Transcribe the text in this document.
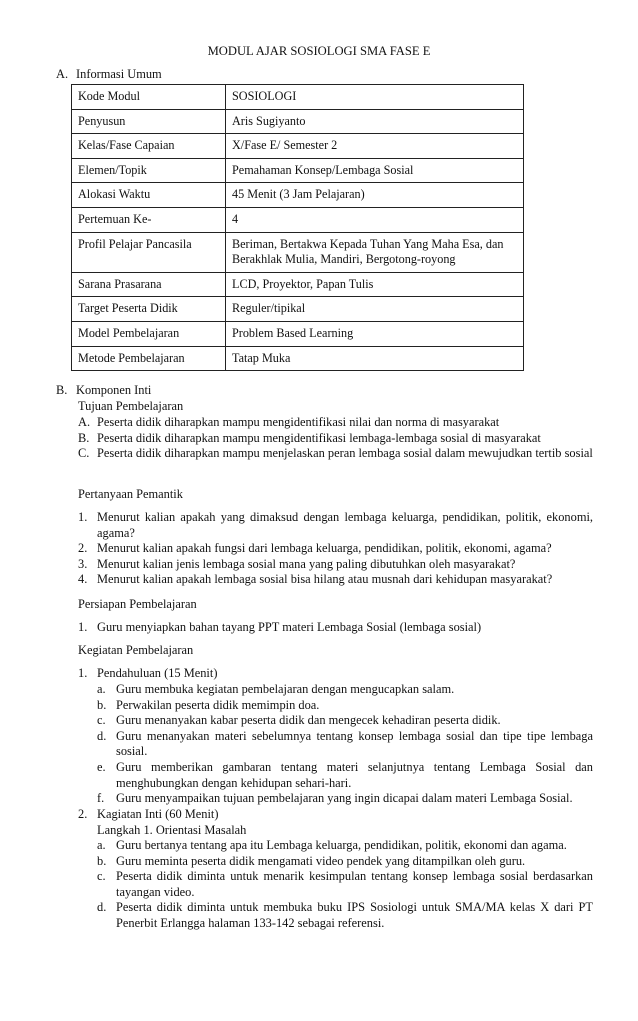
MODUL AJAR SOSIOLOGI SMA FASE E
A. Informasi Umum
Kode Modul	SOSIOLOGI
Penyusun	Aris Sugiyanto
Kelas/Fase Capaian	X/Fase E/ Semester 2
Elemen/Topik	Pemahaman Konsep/Lembaga Sosial
Alokasi Waktu	45 Menit (3 Jam Pelajaran)
Pertemuan Ke-	4
Profil Pelajar Pancasila	Beriman, Bertakwa Kepada Tuhan Yang Maha Esa, dan Berakhlak Mulia, Mandiri, Bergotong-royong
Sarana Prasarana	LCD, Proyektor, Papan Tulis
Target Peserta Didik	Reguler/tipikal
Model Pembelajaran	Problem Based Learning
Metode Pembelajaran	Tatap Muka
B. Komponen Inti
Tujuan Pembelajaran
A. Peserta didik diharapkan mampu mengidentifikasi nilai dan norma di masyarakat
B. Peserta didik diharapkan mampu mengidentifikasi lembaga-lembaga sosial di masyarakat
C. Peserta didik diharapkan mampu menjelaskan peran lembaga sosial dalam mewujudkan tertib sosial
Pertanyaan Pemantik
1. Menurut kalian apakah yang dimaksud dengan lembaga keluarga, pendidikan, politik, ekonomi, agama?
2. Menurut kalian apakah fungsi dari lembaga keluarga, pendidikan, politik, ekonomi, agama?
3. Menurut kalian jenis lembaga sosial mana yang paling dibutuhkan oleh masyarakat?
4. Menurut kalian apakah lembaga sosial bisa hilang atau musnah dari kehidupan masyarakat?
Persiapan Pembelajaran
1. Guru menyiapkan bahan tayang PPT materi Lembaga Sosial (lembaga sosial)
Kegiatan Pembelajaran
1. Pendahuluan (15 Menit)
a. Guru membuka kegiatan pembelajaran dengan mengucapkan salam.
b. Perwakilan peserta didik memimpin doa.
c. Guru menanyakan kabar peserta didik dan mengecek kehadiran peserta didik.
d. Guru menanyakan materi sebelumnya tentang konsep lembaga sosial dan tipe tipe lembaga sosial.
e. Guru memberikan gambaran tentang materi selanjutnya tentang Lembaga Sosial dan menghubungkan dengan kehidupan sehari-hari.
f. Guru menyampaikan tujuan pembelajaran yang ingin dicapai dalam materi Lembaga Sosial.
2. Kagiatan Inti (60 Menit)
Langkah 1. Orientasi Masalah
a. Guru bertanya tentang apa itu Lembaga keluarga, pendidikan, politik, ekonomi dan agama.
b. Guru meminta peserta didik mengamati video pendek yang ditampilkan oleh guru.
c. Peserta didik diminta untuk menarik kesimpulan tentang konsep lembaga sosial berdasarkan tayangan video.
d. Peserta didik diminta untuk membuka buku IPS Sosiologi untuk SMA/MA kelas X dari PT Penerbit Erlangga halaman 133-142 sebagai referensi.
